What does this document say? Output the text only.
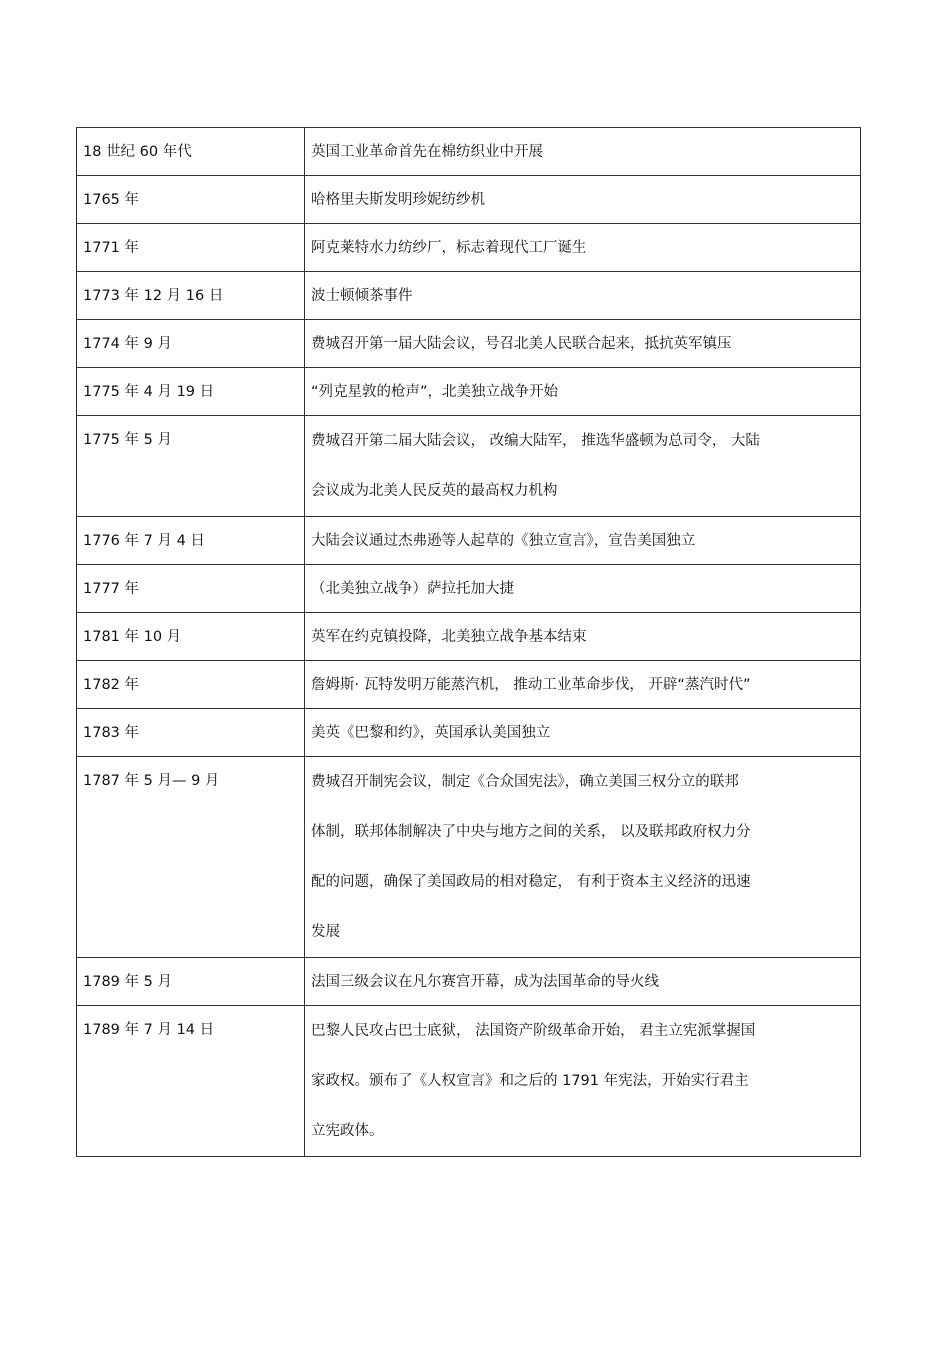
18 世纪 60 年代	英国工业革命首先在棉纺织业中开展

1765 年	哈格里夫斯发明珍妮纺纱机

1771 年	阿克莱特水力纺纱厂，标志着现代工厂诞生

1773 年 12 月 16 日	波士顿倾茶事件

1774 年 9 月	费城召开第一届大陆会议，号召北美人民联合起来，抵抗英军镇压

1775 年 4 月 19 日	“列克星敦的枪声”，北美独立战争开始

1775 年 5 月	费城召开第二届大陆会议， 改编大陆军， 推选华盛顿为总司令， 大陆
会议成为北美人民反英的最高权力机构

1776 年 7 月 4 日	大陆会议通过杰弗逊等人起草的《独立宣言》，宣告美国独立

1777 年	（北美独立战争）萨拉托加大捷

1781 年 10 月	英军在约克镇投降，北美独立战争基本结束

1782 年	詹姆斯· 瓦特发明万能蒸汽机， 推动工业革命步伐， 开辟“蒸汽时代”

1783 年	美英《巴黎和约》，英国承认美国独立

1787 年 5 月— 9 月	费城召开制宪会议，制定《合众国宪法》，确立美国三权分立的联邦
体制，联邦体制解决了中央与地方之间的关系， 以及联邦政府权力分
配的问题，确保了美国政局的相对稳定， 有利于资本主义经济的迅速
发展

1789 年 5 月	法国三级会议在凡尔赛宫开幕，成为法国革命的导火线

1789 年 7 月 14 日	巴黎人民攻占巴士底狱， 法国资产阶级革命开始， 君主立宪派掌握国
家政权。颁布了《人权宣言》和之后的 1791 年宪法，开始实行君主
立宪政体。
